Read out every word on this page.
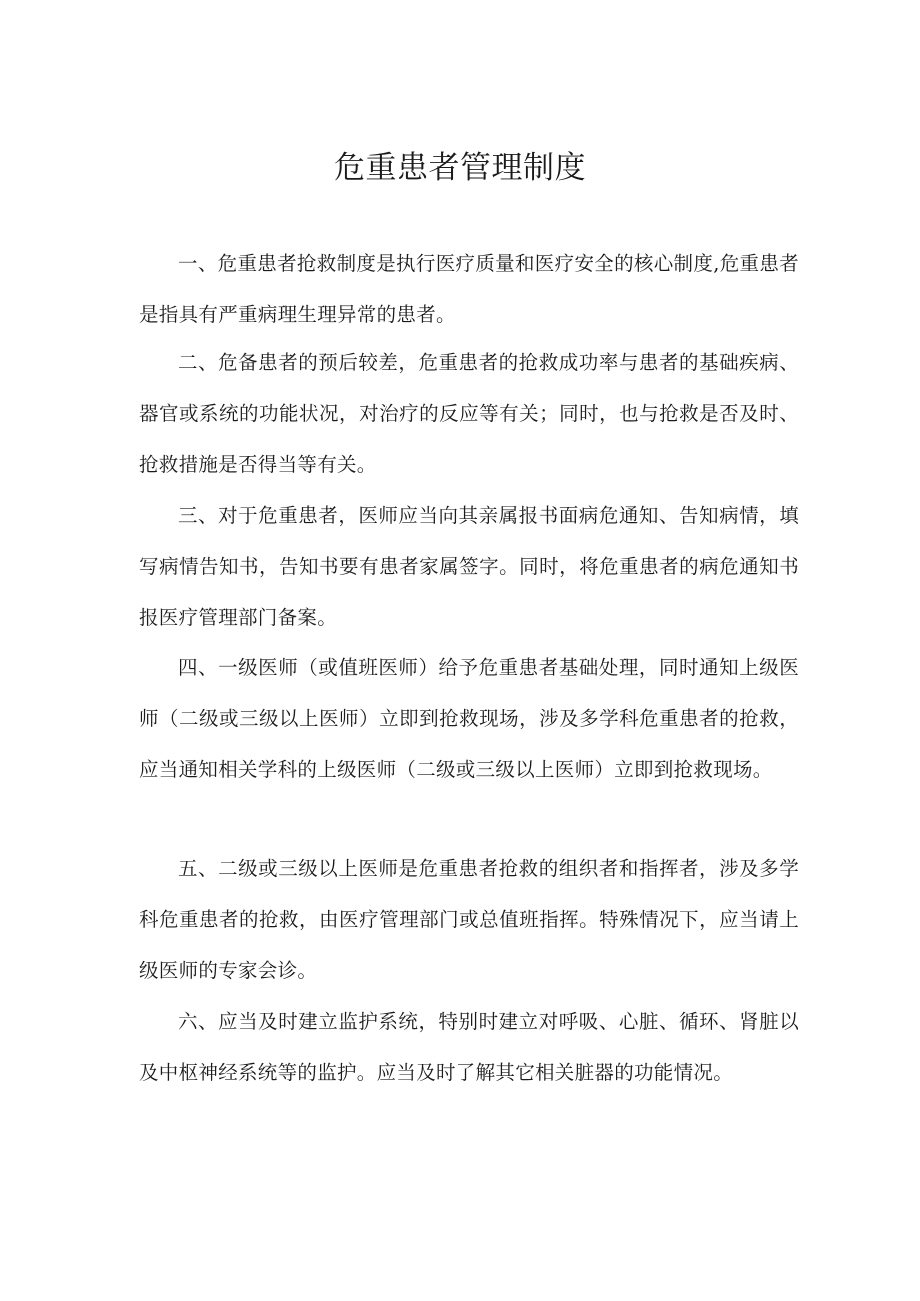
危重患者管理制度

一、危重患者抢救制度是执行医疗质量和医疗安全的核心制度,危重患者是指具有严重病理生理异常的患者。

二、危备患者的预后较差，危重患者的抢救成功率与患者的基础疾病、器官或系统的功能状况，对治疗的反应等有关；同时，也与抢救是否及时、抢救措施是否得当等有关。

三、对于危重患者，医师应当向其亲属报书面病危通知、告知病情，填写病情告知书，告知书要有患者家属签字。同时，将危重患者的病危通知书报医疗管理部门备案。

四、一级医师（或值班医师）给予危重患者基础处理，同时通知上级医师（二级或三级以上医师）立即到抢救现场，涉及多学科危重患者的抢救，应当通知相关学科的上级医师（二级或三级以上医师）立即到抢救现场。

五、二级或三级以上医师是危重患者抢救的组织者和指挥者，涉及多学科危重患者的抢救，由医疗管理部门或总值班指挥。特殊情况下，应当请上级医师的专家会诊。

六、应当及时建立监护系统，特别时建立对呼吸、心脏、循环、肾脏以及中枢神经系统等的监护。应当及时了解其它相关脏器的功能情况。
